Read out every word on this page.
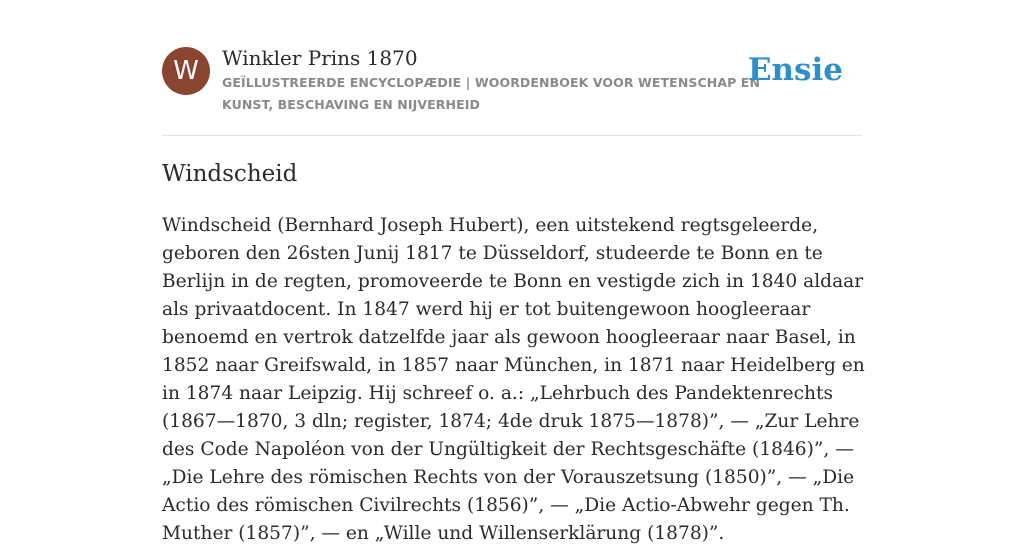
W	Winkler Prins 1870
GEÏLLUSTREERDE ENCYCLOPÆDIE | WOORDENBOEK VOOR WETENSCHAP EN KUNST, BESCHAVING EN NIJVERHEID
Ensie
Windscheid

Windscheid (Bernhard Joseph Hubert), een uitstekend regtsgeleerde, geboren den 26sten Junij 1817 te Düsseldorf, studeerde te Bonn en te Berlijn in de regten, promoveerde te Bonn en vestigde zich in 1840 aldaar als privaatdocent. In 1847 werd hij er tot buitengewoon hoogleeraar benoemd en vertrok datzelfde jaar als gewoon hoogleeraar naar Basel, in 1852 naar Greifswald, in 1857 naar München, in 1871 naar Heidelberg en in 1874 naar Leipzig. Hij schreef o. a.: „Lehrbuch des Pandektenrechts (1867—1870, 3 dln; register, 1874; 4de druk 1875—1878)”, — „Zur Lehre des Code Napoléon von der Ungültigkeit der Rechtsgeschäfte (1846)”, — „Die Lehre des römischen Rechts von der Vorauszetsung (1850)”, — „Die Actio des römischen Civilrechts (1856)”, — „Die Actio-Abwehr gegen Th. Muther (1857)”, — en „Wille und Willenserklärung (1878)”.
